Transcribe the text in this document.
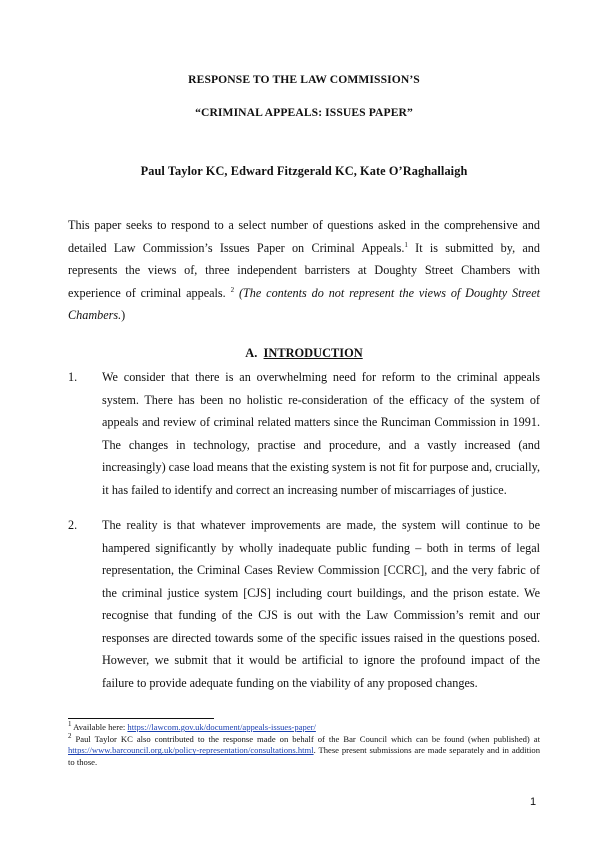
RESPONSE TO THE LAW COMMISSION’S
“CRIMINAL APPEALS: ISSUES PAPER”
Paul Taylor KC, Edward Fitzgerald KC, Kate O’Raghallaigh
This paper seeks to respond to a select number of questions asked in the comprehensive and detailed Law Commission’s Issues Paper on Criminal Appeals.$^1$ It is submitted by, and represents the views of, three independent barristers at Doughty Street Chambers with experience of criminal appeals. $^2$ (The contents do not represent the views of Doughty Street Chambers.)
A. INTRODUCTION
1. We consider that there is an overwhelming need for reform to the criminal appeals system. There has been no holistic re-consideration of the efficacy of the system of appeals and review of criminal related matters since the Runciman Commission in 1991. The changes in technology, practise and procedure, and a vastly increased (and increasingly) case load means that the existing system is not fit for purpose and, crucially, it has failed to identify and correct an increasing number of miscarriages of justice.
2. The reality is that whatever improvements are made, the system will continue to be hampered significantly by wholly inadequate public funding – both in terms of legal representation, the Criminal Cases Review Commission [CCRC], and the very fabric of the criminal justice system [CJS] including court buildings, and the prison estate. We recognise that funding of the CJS is out with the Law Commission’s remit and our responses are directed towards some of the specific issues raised in the questions posed. However, we submit that it would be artificial to ignore the profound impact of the failure to provide adequate funding on the viability of any proposed changes.
$^1$ Available here: https://lawcom.gov.uk/document/appeals-issues-paper/
$^2$ Paul Taylor KC also contributed to the response made on behalf of the Bar Council which can be found (when published) at https://www.barcouncil.org.uk/policy-representation/consultations.html. These present submissions are made separately and in addition to those.
1
